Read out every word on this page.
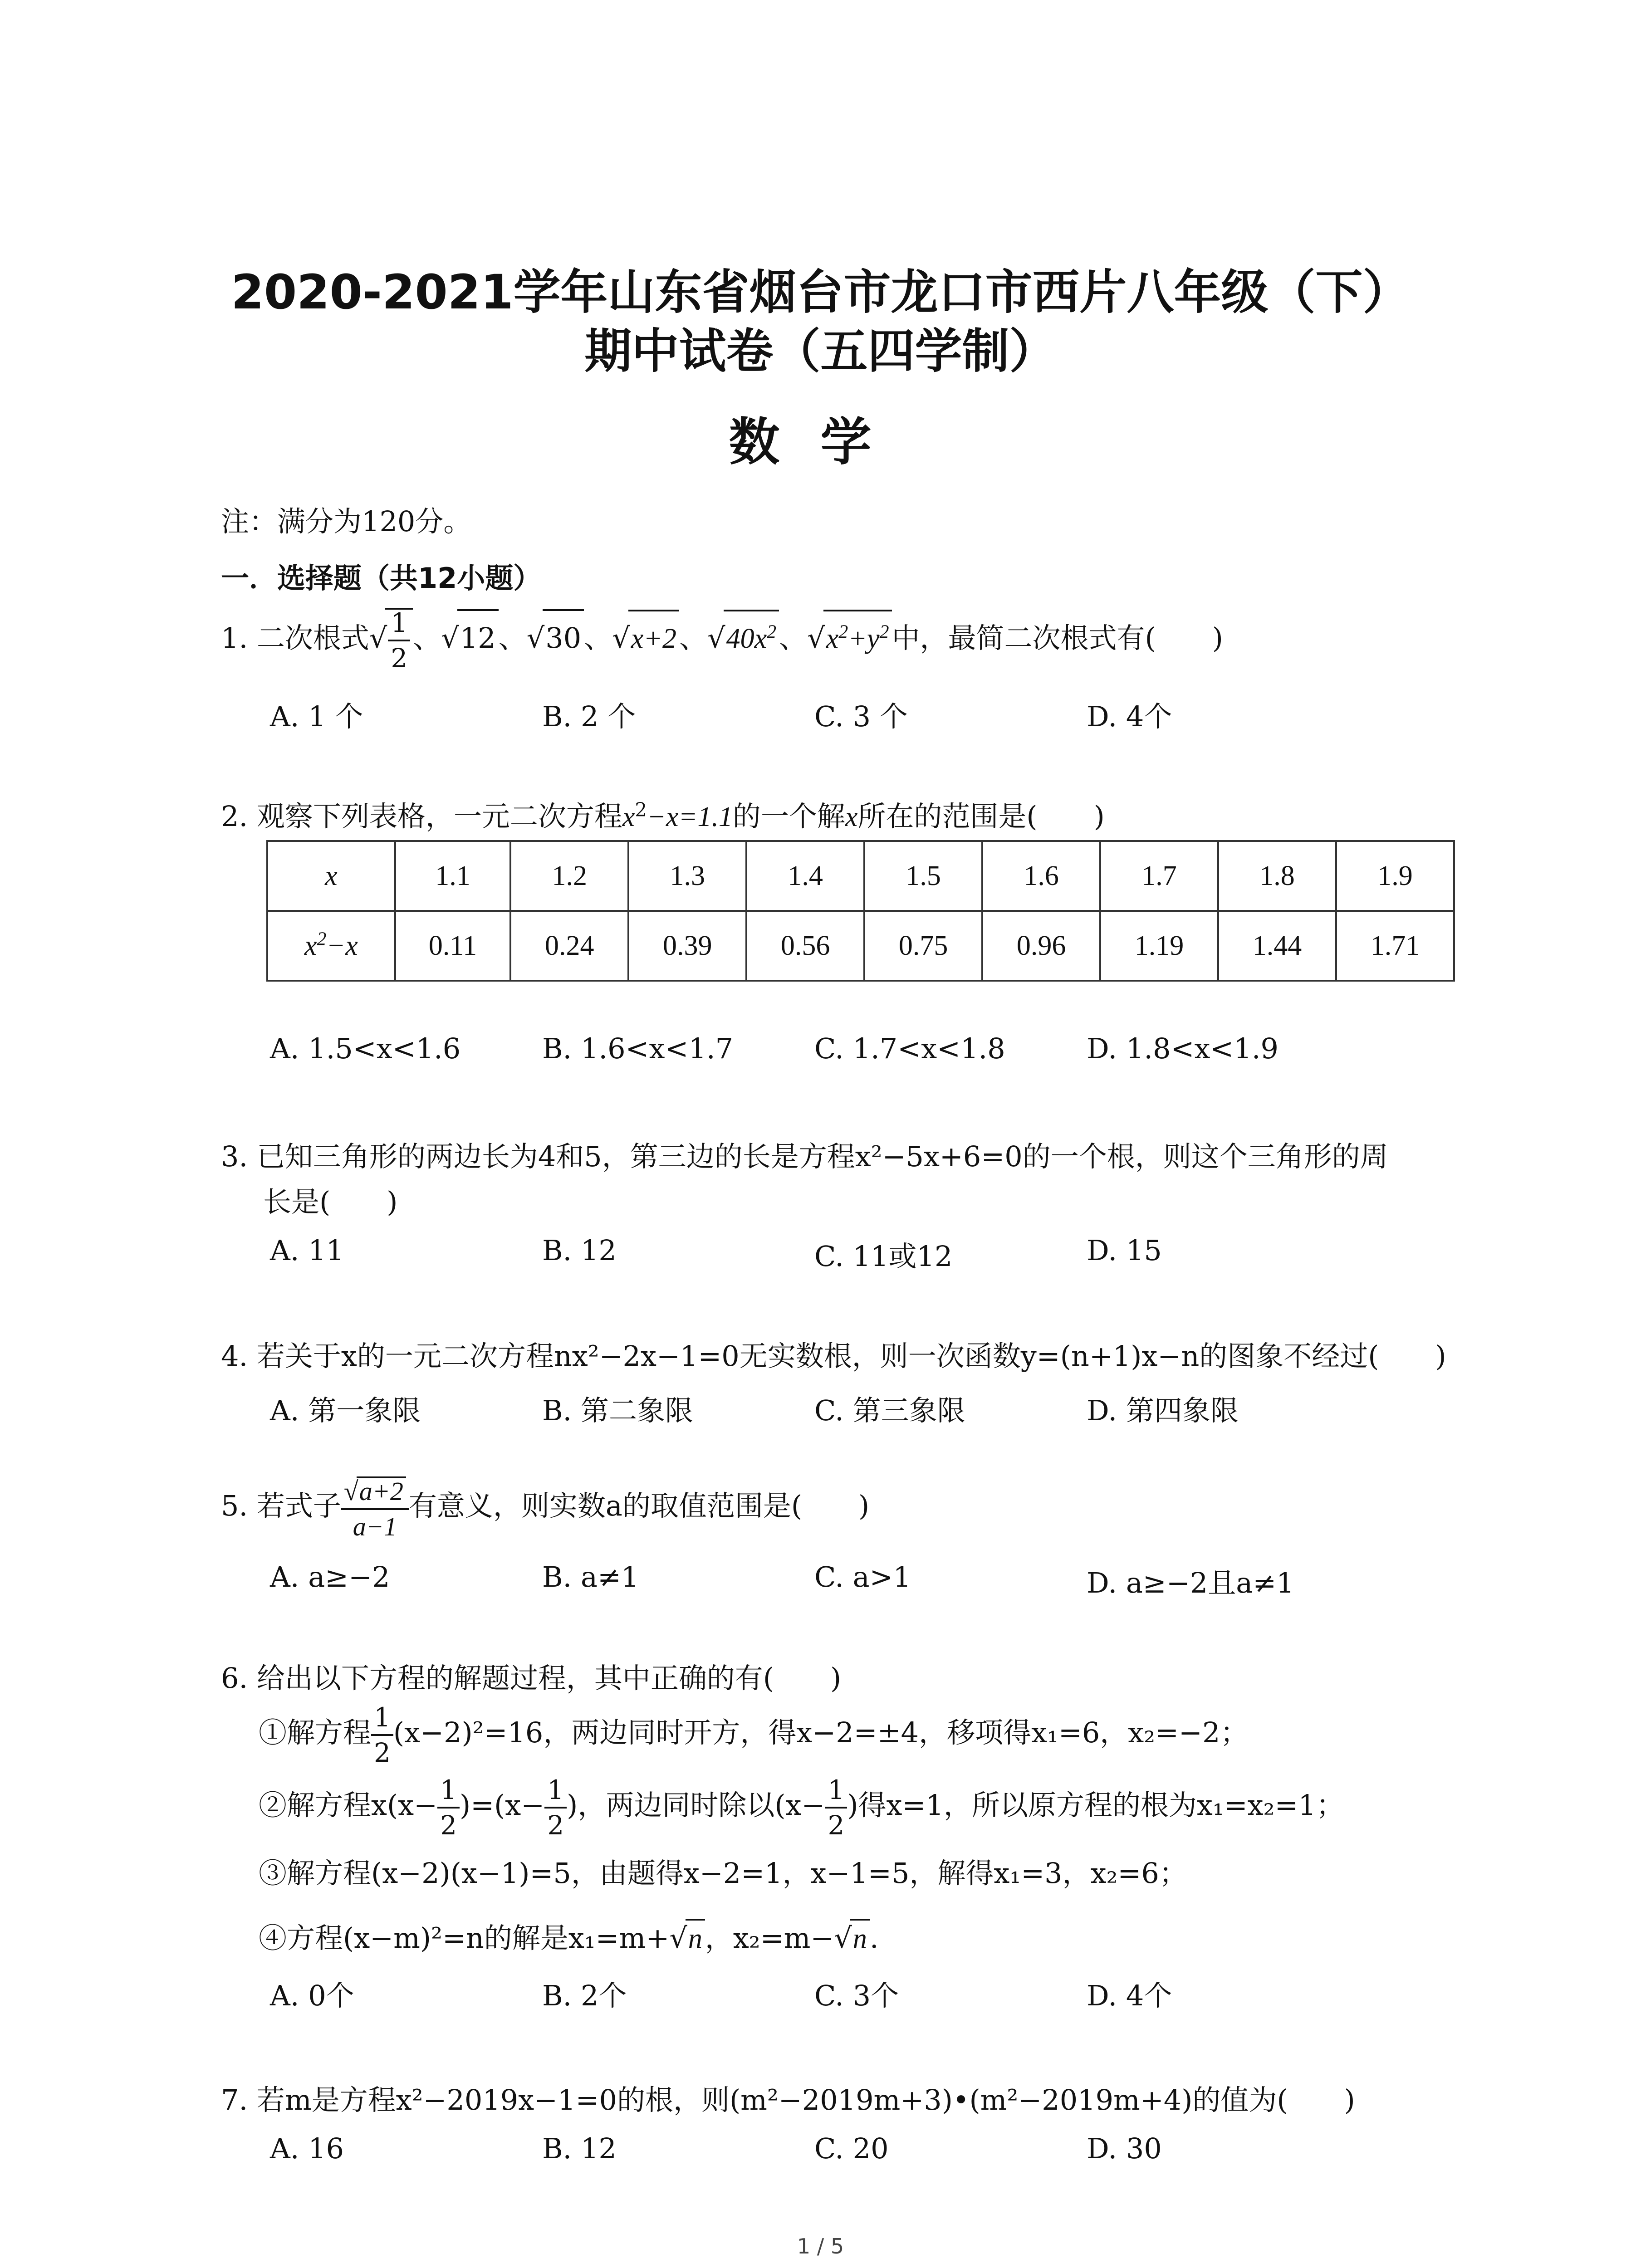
2020-2021学年山东省烟台市龙口市西片八年级（下）
期中试卷（五四学制）
数学
注：满分为120分。
一．选择题（共12小题）
1. 二次根式√ $\frac{1}{2}$ 、√12、√30、√x+2、$√40x^2$、$√x^2+y^2$中，最简二次根式有(　　)
A. 1 个	B. 2 个	C. 3 个	D. 4个
2. 观察下列表格，一元二次方程$x^2-x=1.1$的一个解x所在的范围是(　　)
x	1.1	1.2	1.3	1.4	1.5	1.6	1.7	1.8	1.9
$x^2-x$	0.11	0.24	0.39	0.56	0.75	0.96	1.19	1.44	1.71
A. 1.5<x<1.6	B. 1.6<x<1.7	C. 1.7<x<1.8	D. 1.8<x<1.9
3. 已知三角形的两边长为4和5，第三边的长是方程x²−5x+6=0的一个根，则这个三角形的周
长是(　　)
A. 11	B. 12	C. 11或12	D. 15
4. 若关于x的一元二次方程nx²−2x−1=0无实数根，则一次函数y=(n+1)x−n的图象不经过(　　)
A. 第一象限	B. 第二象限	C. 第三象限	D. 第四象限
5. 若式子 $\frac{√a+2}{a-1}$ 有意义，则实数a的取值范围是(　　)
A. a≥−2	B. a≠1	C. a>1	D. a≥−2且a≠1
6. 给出以下方程的解题过程，其中正确的有(　　)
①解方程 $\frac{1}{2} (x-2)^2=16$，两边同时开方，得x−2=±4，移项得x₁=6，x₂=−2；
②解方程$x(x- \frac{1}{2} )=(x- \frac{1}{2}$ )，两边同时除以($x- \frac{1}{2}$ )得x=1，所以原方程的根为x₁=x₂=1；
③解方程(x−2)(x−1)=5，由题得x−2=1，x−1=5，解得x₁=3，x₂=6；
④方程(x−m)²=n的解是x₁=m+√n，x₂=m−√n.
A. 0个	B. 2个	C. 3个	D. 4个
7. 若m是方程x²−2019x−1=0的根，则(m²−2019m+3)•(m²−2019m+4)的值为(　　)
A. 16	B. 12	C. 20	D. 30
1 / 5
